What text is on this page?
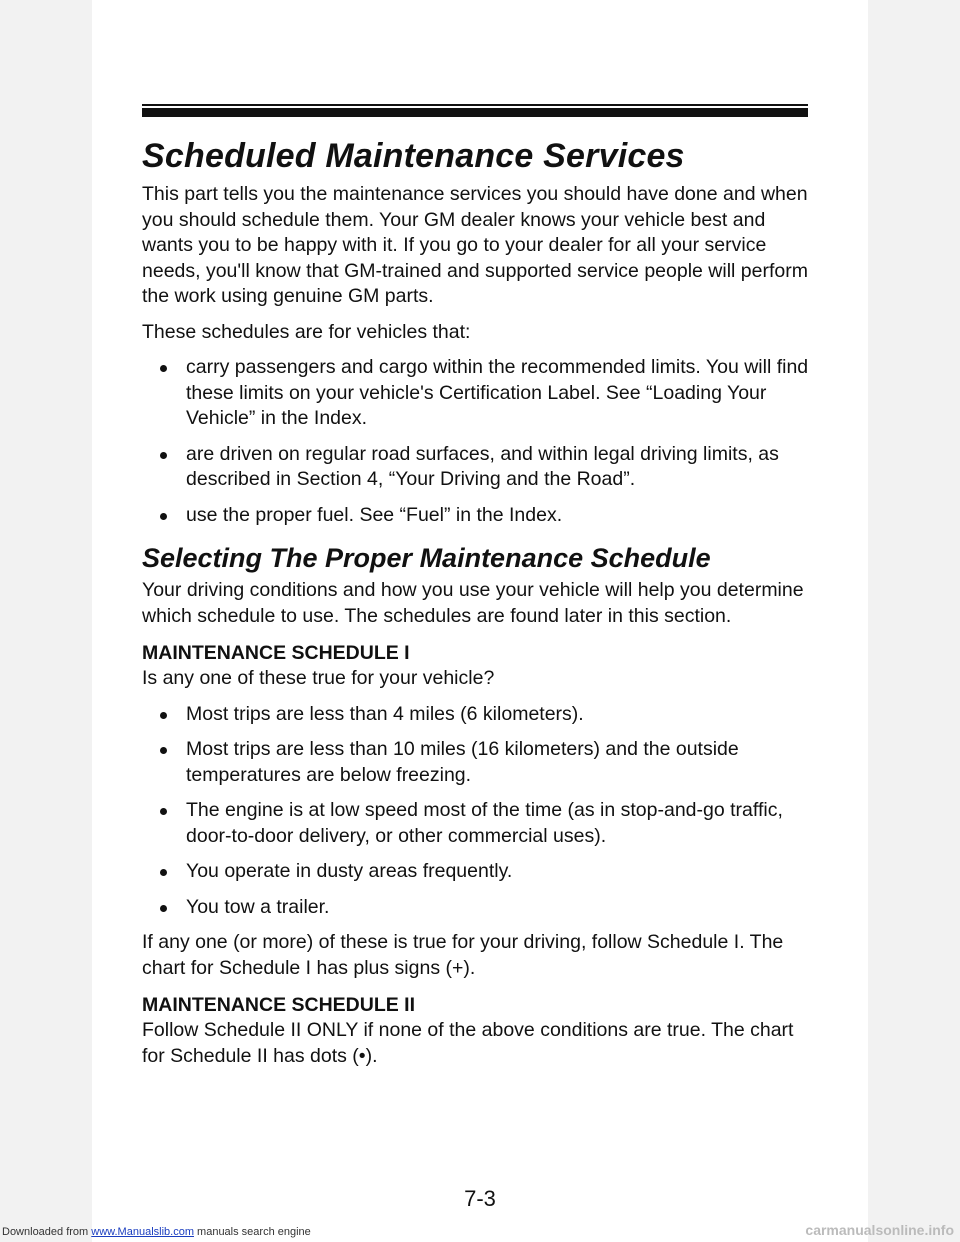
Scheduled Maintenance Services

This part tells you the maintenance services you should have done and when you should schedule them. Your GM dealer knows your vehicle best and wants you to be happy with it. If you go to your dealer for all your service needs, you'll know that GM-trained and supported service people will perform the work using genuine GM parts.

These schedules are for vehicles that:

carry passengers and cargo within the recommended limits. You will find these limits on your vehicle's Certification Label. See “Loading Your Vehicle” in the Index.
are driven on regular road surfaces, and within legal driving limits, as described in Section 4, “Your Driving and the Road”.
use the proper fuel. See “Fuel” in the Index.
Selecting The Proper Maintenance Schedule

Your driving conditions and how you use your vehicle will help you determine which schedule to use. The schedules are found later in this section.

MAINTENANCE SCHEDULE I

Is any one of these true for your vehicle?

Most trips are less than 4 miles (6 kilometers).
Most trips are less than 10 miles (16 kilometers) and the outside temperatures are below freezing.
The engine is at low speed most of the time (as in stop-and-go traffic, door-to-door delivery, or other commercial uses).
You operate in dusty areas frequently.
You tow a trailer.

If any one (or more) of these is true for your driving, follow Schedule I. The chart for Schedule I has plus signs (+).

MAINTENANCE SCHEDULE II

Follow Schedule II ONLY if none of the above conditions are true. The chart for Schedule II has dots (•).

7-3
Downloaded from www.Manualslib.com manuals search engine	carmanualsonline.info
